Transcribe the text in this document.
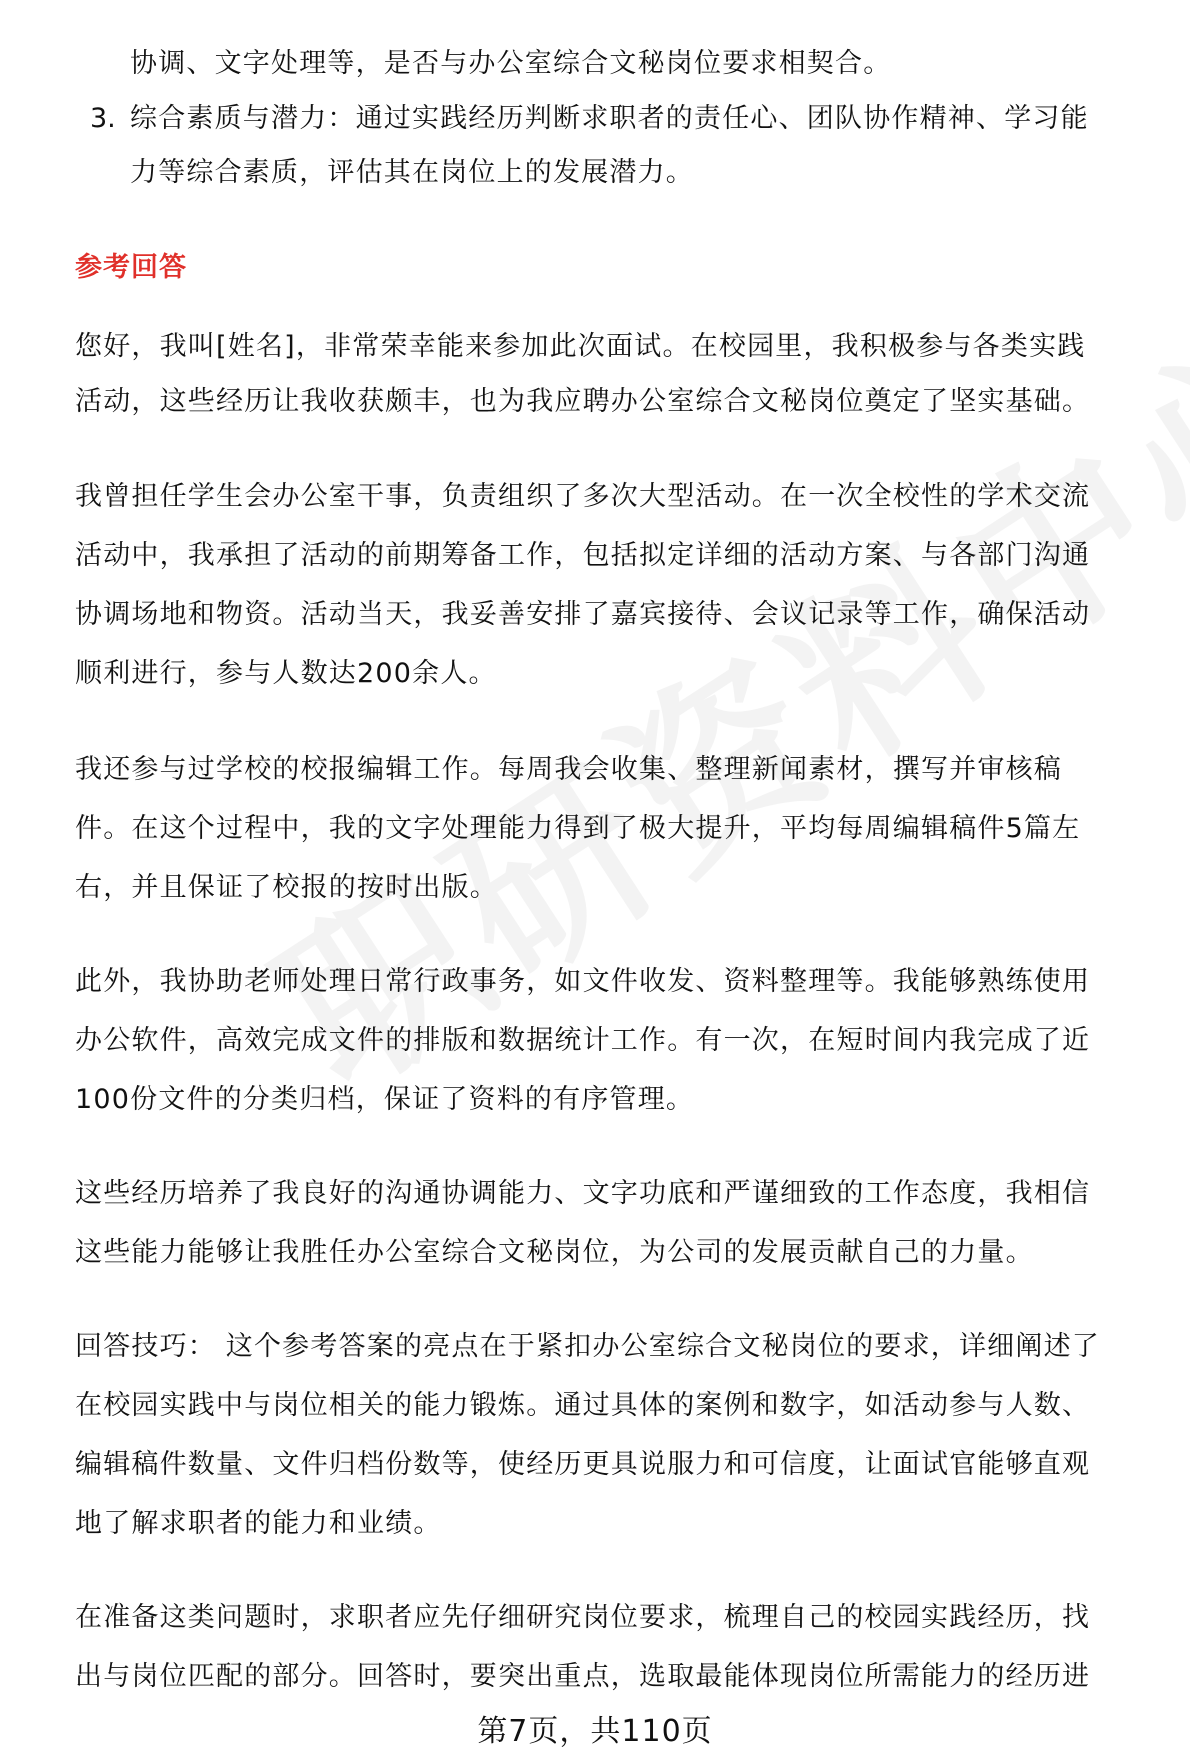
协调、文字处理等，是否与办公室综合文秘岗位要求相契合。
3. 综合素质与潜力：通过实践经历判断求职者的责任心、团队协作精神、学习能
力等综合素质，评估其在岗位上的发展潜力。
参考回答
您好，我叫[姓名]，非常荣幸能来参加此次面试。在校园里，我积极参与各类实践
活动，这些经历让我收获颇丰，也为我应聘办公室综合文秘岗位奠定了坚实基础。
我曾担任学生会办公室干事，负责组织了多次大型活动。在一次全校性的学术交流
活动中，我承担了活动的前期筹备工作，包括拟定详细的活动方案、与各部门沟通
协调场地和物资。活动当天，我妥善安排了嘉宾接待、会议记录等工作，确保活动
顺利进行，参与人数达200余人。
我还参与过学校的校报编辑工作。每周我会收集、整理新闻素材，撰写并审核稿
件。在这个过程中，我的文字处理能力得到了极大提升，平均每周编辑稿件5篇左
右，并且保证了校报的按时出版。
此外，我协助老师处理日常行政事务，如文件收发、资料整理等。我能够熟练使用
办公软件，高效完成文件的排版和数据统计工作。有一次，在短时间内我完成了近
100份文件的分类归档，保证了资料的有序管理。
这些经历培养了我良好的沟通协调能力、文字功底和严谨细致的工作态度，我相信
这些能力能够让我胜任办公室综合文秘岗位，为公司的发展贡献自己的力量。
回答技巧： 这个参考答案的亮点在于紧扣办公室综合文秘岗位的要求，详细阐述了
在校园实践中与岗位相关的能力锻炼。通过具体的案例和数字，如活动参与人数、
编辑稿件数量、文件归档份数等，使经历更具说服力和可信度，让面试官能够直观
地了解求职者的能力和业绩。
在准备这类问题时，求职者应先仔细研究岗位要求，梳理自己的校园实践经历，找
出与岗位匹配的部分。回答时，要突出重点，选取最能体现岗位所需能力的经历进
第7页，共110页
